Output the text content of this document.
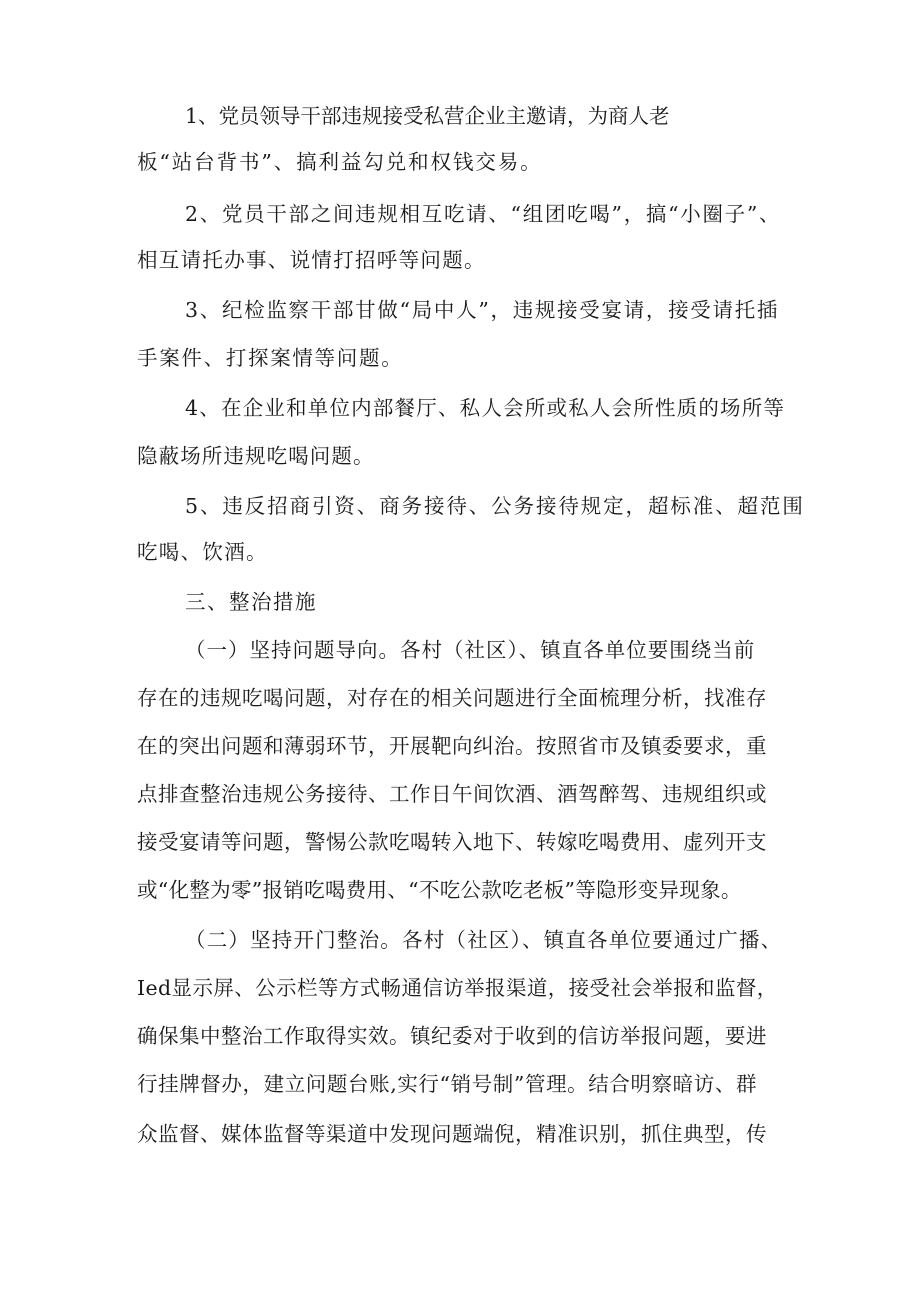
1、党员领导干部违规接受私营企业主邀请，为商人老

板“站台背书”、搞利益勾兑和权钱交易。

2、党员干部之间违规相互吃请、“组团吃喝”，搞“小圈子”、

相互请托办事、说情打招呼等问题。

3、纪检监察干部甘做“局中人”，违规接受宴请，接受请托插

手案件、打探案情等问题。

4、在企业和单位内部餐厅、私人会所或私人会所性质的场所等

隐蔽场所违规吃喝问题。

5、违反招商引资、商务接待、公务接待规定，超标准、超范围

吃喝、饮酒。

三、整治措施

（一）坚持问题导向。各村（社区）、镇直各单位要围绕当前

存在的违规吃喝问题，对存在的相关问题进行全面梳理分析，找准存

在的突出问题和薄弱环节，开展靶向纠治。按照省市及镇委要求，重

点排查整治违规公务接待、工作日午间饮酒、酒驾醉驾、违规组织或

接受宴请等问题，警惕公款吃喝转入地下、转嫁吃喝费用、虚列开支

或“化整为零”报销吃喝费用、“不吃公款吃老板”等隐形变异现象。

（二）坚持开门整治。各村（社区）、镇直各单位要通过广播、

Ied显示屏、公示栏等方式畅通信访举报渠道，接受社会举报和监督，

确保集中整治工作取得实效。镇纪委对于收到的信访举报问题，要进

行挂牌督办，建立问题台账,实行“销号制”管理。结合明察暗访、群

众监督、媒体监督等渠道中发现问题端倪，精准识别，抓住典型，传
